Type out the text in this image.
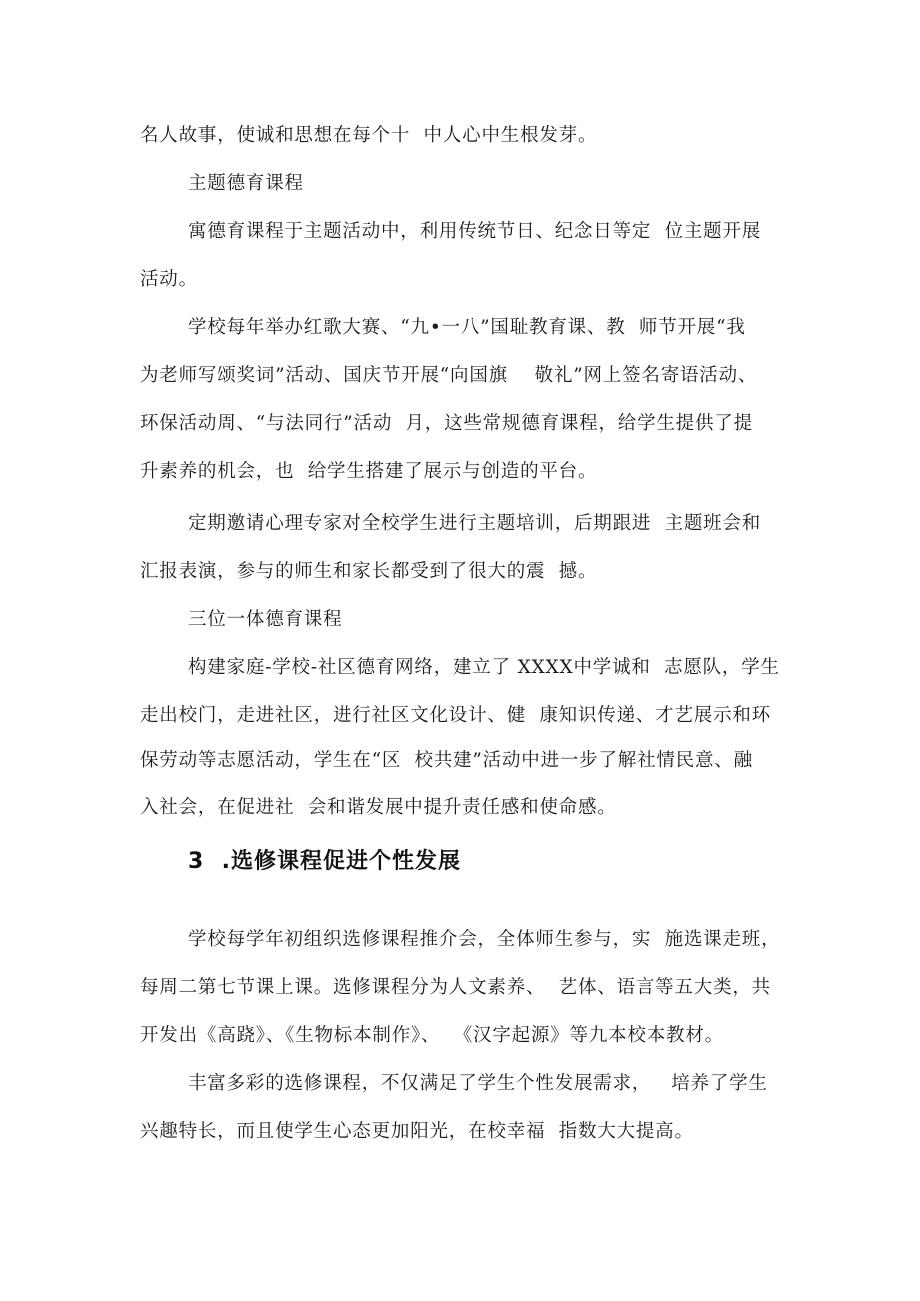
名人故事，使诚和思想在每个十  中人心中生根发芽。
主题德育课程
寓德育课程于主题活动中，利用传统节日、纪念日等定  位主题开展
活动。
学校每年举办红歌大赛、“九•一八”国耻教育课、教  师节开展“我
为老师写颂奖词”活动、国庆节开展“向国旗    敬礼”网上签名寄语活动、
环保活动周、“与法同行”活动  月，这些常规德育课程，给学生提供了提
升素养的机会，也  给学生搭建了展示与创造的平台。
定期邀请心理专家对全校学生进行主题培训，后期跟进  主题班会和
汇报表演，参与的师生和家长都受到了很大的震  撼。
三位一体德育课程
构建家庭-学校-社区德育网络，建立了 XXXX中学诚和  志愿队，学生
走出校门，走进社区，进行社区文化设计、健  康知识传递、才艺展示和环
保劳动等志愿活动，学生在“区  校共建”活动中进一步了解社情民意、融
入社会，在促进社  会和谐发展中提升责任感和使命感。
3  .选修课程促进个性发展
学校每学年初组织选修课程推介会，全体师生参与，实  施选课走班，
每周二第七节课上课。选修课程分为人文素养、  艺体、语言等五大类，共
开发出《高跷》、《生物标本制作》、  《汉字起源》等九本校本教材。
丰富多彩的选修课程，不仅满足了学生个性发展需求，   培养了学生
兴趣特长，而且使学生心态更加阳光，在校幸福  指数大大提高。
